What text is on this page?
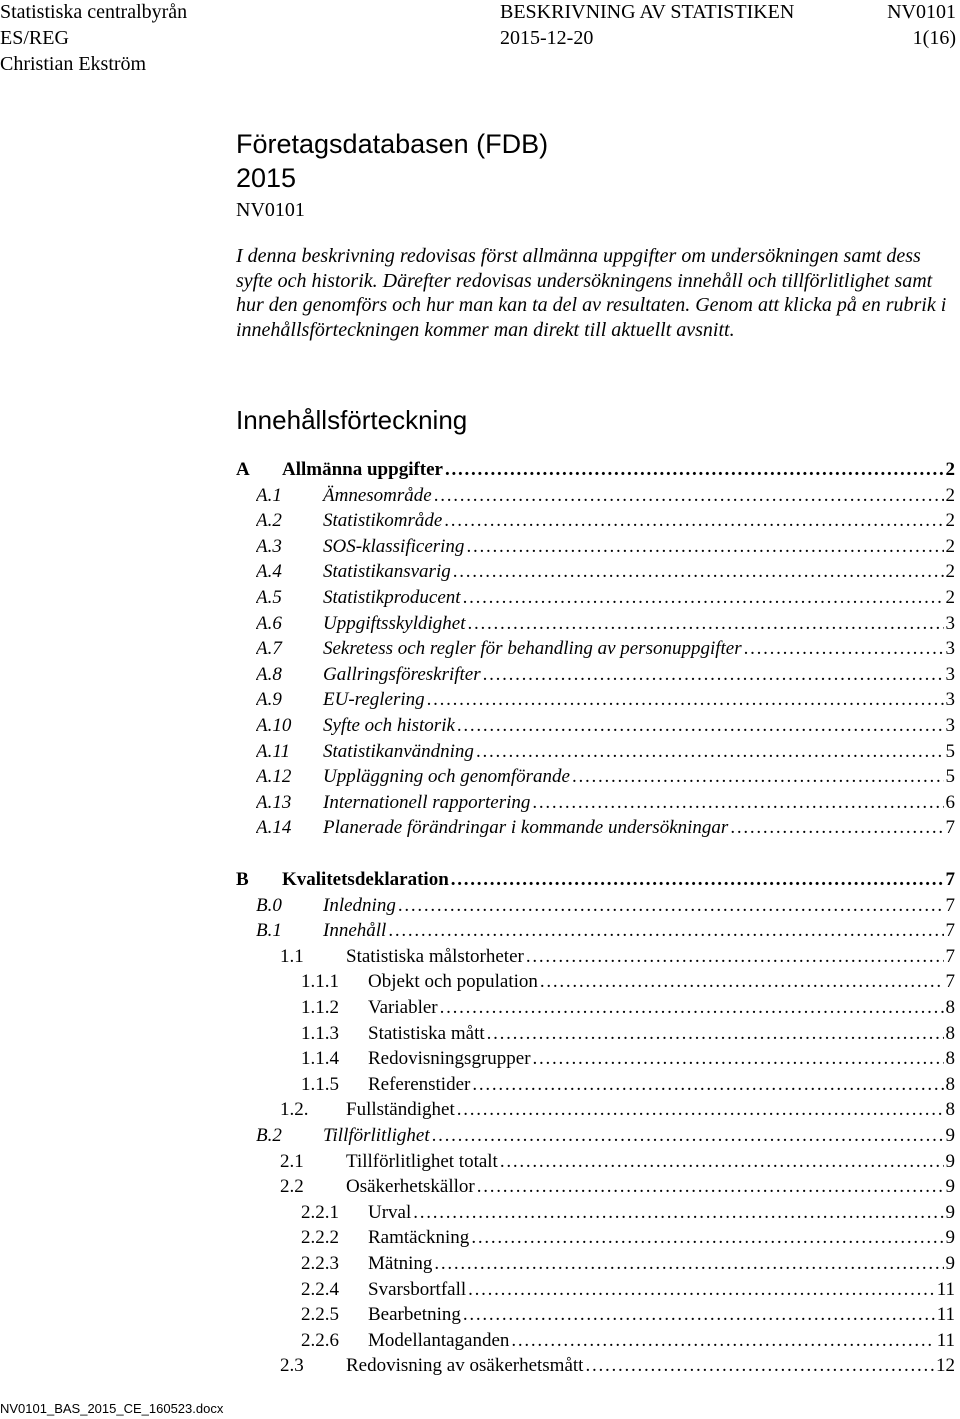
Statistiska centralbyrån
ES/REG
Christian Ekström
BESKRIVNING AV STATISTIKEN
2015-12-20
NV0101
1(16)
Företagsdatabasen (FDB)
2015
NV0101
I denna beskrivning redovisas först allmänna uppgifter om undersökningen samt dess syfte och historik. Därefter redovisas undersökningens innehåll och tillförlitlighet samt hur den genomförs och hur man kan ta del av resultaten. Genom att klicka på en rubrik i innehållsförteckningen kommer man direkt till aktuellt avsnitt.
Innehållsförteckning
A	Allmänna uppgifter . . .	2
A.1	Ämnesområde . . .	2
A.2	Statistikområde . . .	2
A.3	SOS-klassificering . . .	2
A.4	Statistikansvarig . . .	2
A.5	Statistikproducent . . .	2
A.6	Uppgiftsskyldighet . . .	3
A.7	Sekretess och regler för behandling av personuppgifter . . .	3
A.8	Gallringsföreskrifter . . .	3
A.9	EU-reglering . . .	3
A.10	Syfte och historik . . .	3
A.11	Statistikanvändning . . .	5
A.12	Uppläggning och genomförande . . .	5
A.13	Internationell rapportering . . .	6
A.14	Planerade förändringar i kommande undersökningar . . .	7
B	Kvalitetsdeklaration . . .	7
B.0	Inledning . . .	7
B.1	Innehåll . . .	7
1.1	Statistiska målstorheter . . .	7
1.1.1	Objekt och population . . .	7
1.1.2	Variabler . . .	8
1.1.3	Statistiska mått . . .	8
1.1.4	Redovisningsgrupper . . .	8
1.1.5	Referenstider . . .	8
1.2.	Fullständighet . . .	8
B.2	Tillförlitlighet . . .	9
2.1	Tillförlitlighet totalt . . .	9
2.2	Osäkerhetskällor . . .	9
2.2.1	Urval . . .	9
2.2.2	Ramtäckning . . .	9
2.2.3	Mätning . . .	9
2.2.4	Svarsbortfall . . .	11
2.2.5	Bearbetning . . .	11
2.2.6	Modellantaganden . . .	11
2.3	Redovisning av osäkerhetsmått . . .	12
NV0101_BAS_2015_CE_160523.docx
